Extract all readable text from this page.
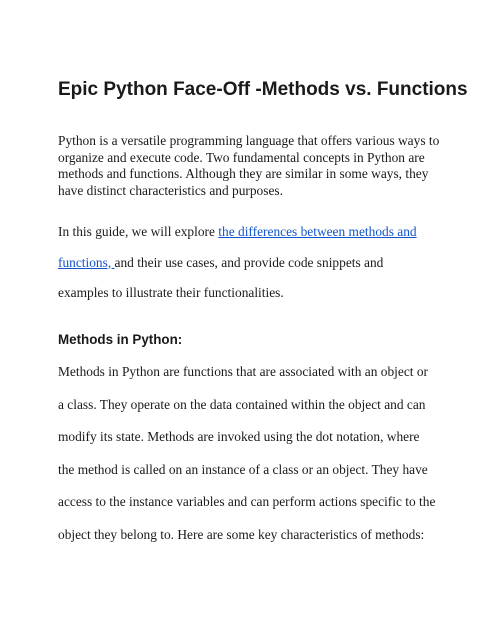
Epic Python Face-Off -Methods vs. Functions

Python is a versatile programming language that offers various ways to
organize and execute code. Two fundamental concepts in Python are
methods and functions. Although they are similar in some ways, they
have distinct characteristics and purposes.

In this guide, we will explore the differences between methods and
functions, and their use cases, and provide code snippets and
examples to illustrate their functionalities.

Methods in Python:

Methods in Python are functions that are associated with an object or
a class. They operate on the data contained within the object and can
modify its state. Methods are invoked using the dot notation, where
the method is called on an instance of a class or an object. They have
access to the instance variables and can perform actions specific to the
object they belong to. Here are some key characteristics of methods:
